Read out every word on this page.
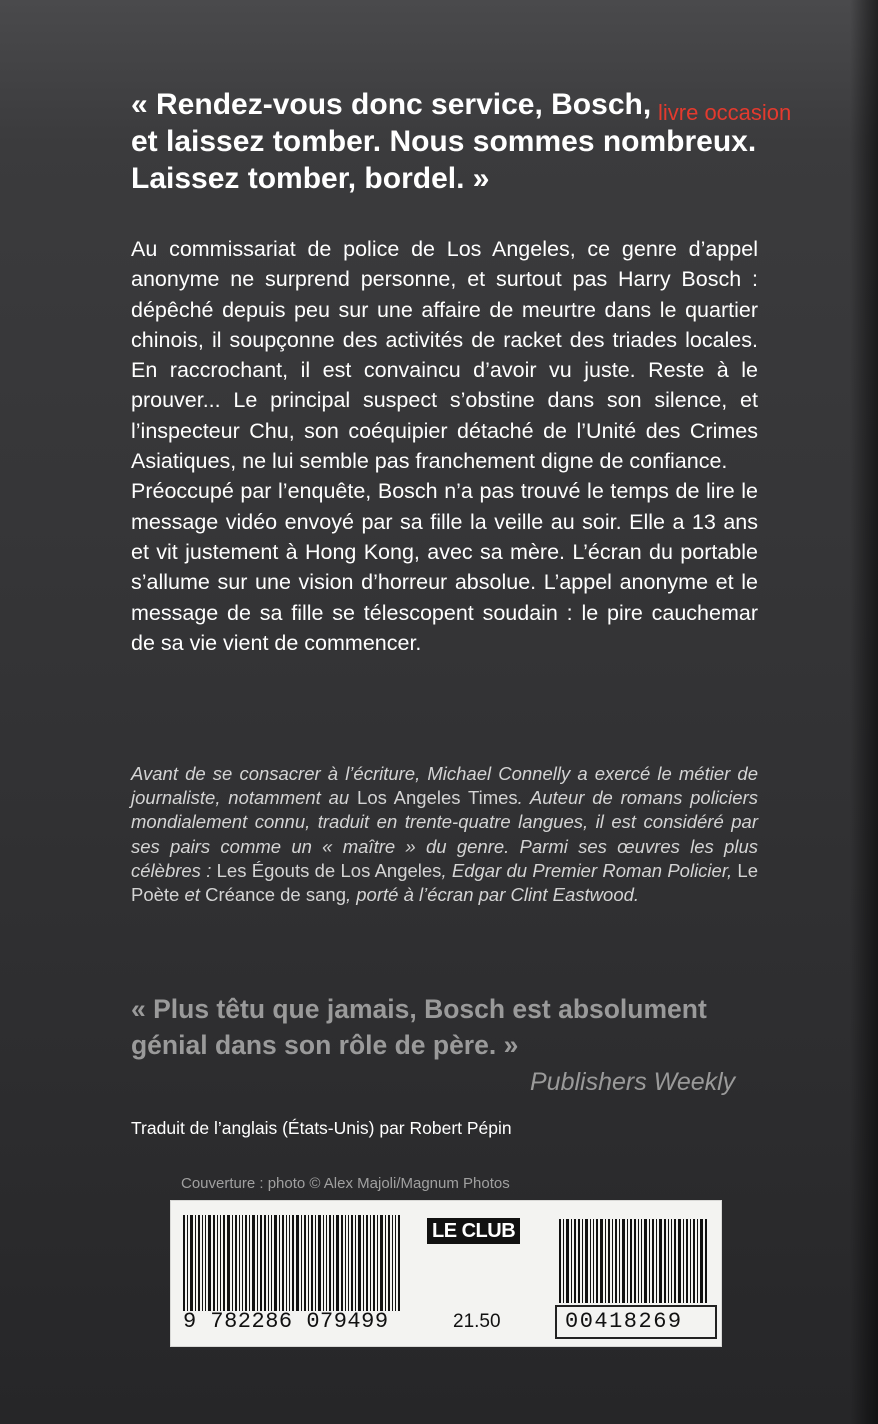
« Rendez-vous donc service, Bosch,
et laissez tomber. Nous sommes nombreux.
Laissez tomber, bordel. »
livre occasion

Au commissariat de police de Los Angeles, ce genre d’appel anonyme ne surprend personne, et surtout pas Harry Bosch : dépêché depuis peu sur une affaire de meurtre dans le quartier chinois, il soupçonne des activités de racket des triades locales. En raccrochant, il est convaincu d’avoir vu juste. Reste à le prouver... Le principal suspect s’obstine dans son silence, et l’inspecteur Chu, son coéquipier détaché de l’Unité des Crimes Asiatiques, ne lui semble pas franchement digne de confiance.

Préoccupé par l’enquête, Bosch n’a pas trouvé le temps de lire le message vidéo envoyé par sa fille la veille au soir. Elle a 13 ans et vit justement à Hong Kong, avec sa mère. L’écran du portable s’allume sur une vision d’horreur absolue. L’appel anonyme et le message de sa fille se télescopent soudain : le pire cauchemar de sa vie vient de commencer.

Avant de se consacrer à l’écriture, Michael Connelly a exercé le métier de journaliste, notamment au Los Angeles Times. Auteur de romans policiers mondialement connu, traduit en trente-quatre langues, il est considéré par ses pairs comme un « maître » du genre. Parmi ses œuvres les plus célèbres : Les Égouts de Los Angeles, Edgar du Premier Roman Policier, Le Poète et Créance de sang, porté à l’écran par Clint Eastwood.

« Plus têtu que jamais, Bosch est absolument
génial dans son rôle de père. »

Publishers Weekly
Traduit de l’anglais (États-Unis) par Robert Pépin
Couverture : photo © Alex Majoli/Magnum Photos
9 782286 079499
LE CLUB
21.50	00418269
